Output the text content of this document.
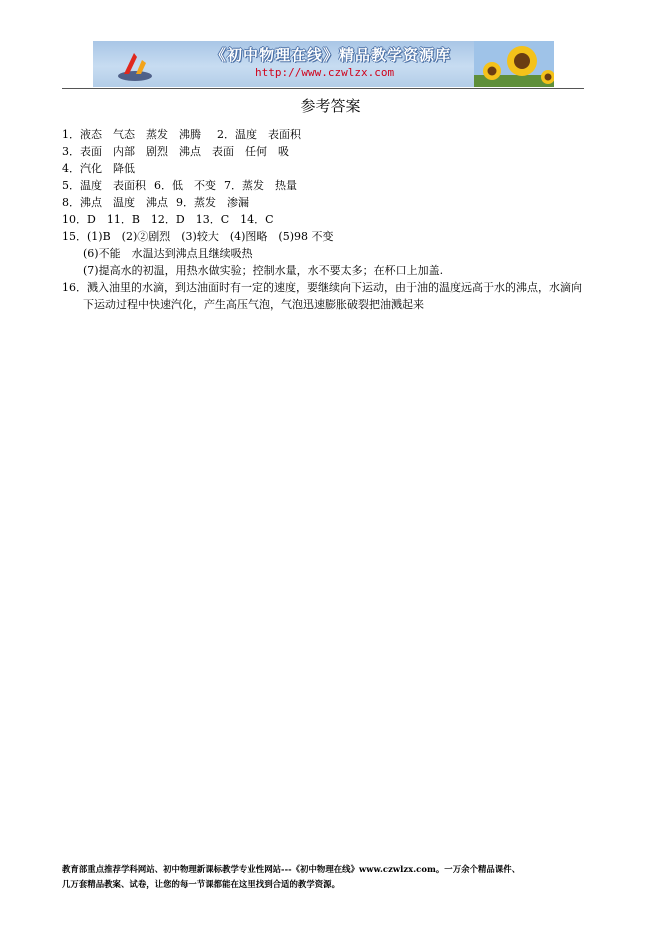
《初中物理在线》精品教学资源库
http://www.czwlzx.com
参考答案
1．液态　气态　蒸发　沸腾 2．温度　表面积
3．表面　内部　剧烈　沸点　表面　任何　吸
4．汽化　降低
5．温度　表面积 6．低　不变 7．蒸发　热量
8．沸点　温度　沸点 9．蒸发　渗漏
10．D　11．B　12．D　13．C　14．C
15．(1)B　(2)②剧烈　(3)较大　(4)图略　(5)98 不变
(6)不能　水温达到沸点且继续吸热
(7)提高水的初温，用热水做实验；控制水量，水不要太多；在杯口上加盖.
16．溅入油里的水滴，到达油面时有一定的速度，要继续向下运动，由于油的温度远高于水的沸点，水滴向下运动过程中快速汽化，产生高压气泡，气泡迅速膨胀破裂把油溅起来
教育部重点推荐学科网站、初中物理新课标教学专业性网站---《初中物理在线》www.czwlzx.com。一万余个精品课件、
几万套精品教案、试卷，让您的每一节课都能在这里找到合适的教学资源。
